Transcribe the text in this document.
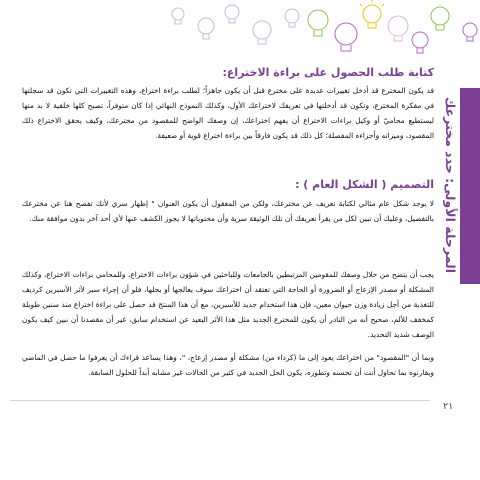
المرحلة الأولى: حدد مخترعك
كتابة طلب الحصول على براءة الاختراع:

قد يكون المخترع قد أدخل تغييرات عديدة على مخترع قبل أن يكون جاهزاً؛ لطلب براءة اختراع، وهذه التغييرات التي تكون قد سجلتها في مفكرة المخترع، وتكون قد أدخلتها في تعريفك لاختراعك الأول، وكذلك النموذج النهائي إذا كان متوفراً، تصبح كلها خلفية لا بد منها ليستطيع محاميّ أو وكيل براءات الاختراع أن يفهم اختراعك، إن وصفك الواضح للمقصود من مخترعك، وكيف يحقق الاختراع ذلك المقصود، وميزاته وأجزاءه المفصلة؛ كل ذلك قد يكون فارقاً بين براءة اختراع قوية أو ضعيفة.

التصميم ( الشكل العام ) :

لا يوجد شكل عام مثالي لكتابة تعريف عن مخترعك، ولكن من المعقول أن يكون العنوان " إظهار سري لأنك تفصح هنا عن مخترعك بالتفصيل، وعليك أن تبين لكل من يقرأ تعريفك أن تلك الوثيقة سرية وأن محتوياتها لا يجوز الكشف عنها لأي أحد آخر بدون موافقة منك.

يجب أن يتضح من خلال وصفك للمقومين المرتبطين بالجامعات وللباحثين في شؤون براءات الاختراع، وللمحامي براءات الاختراع، وكذلك المشكلة أو مصدر الإزعاج أو الضرورة أو الحاجة التي تعتقد أن اختراعك سوف يعالجها أو يحلها، فلو أن إجراء سبر لأثر الأسبرين كرديف للتغذية من أجل زيادة وزن حيوان معين، فإن هذا استخدام جديد للأسبرين، مع أن هذا المنتج قد حصل على براءة اختراع منذ سنين طويلة كمخفف للألم، صحيح أنه من النادر أن يكون للمخترع الجديد مثل هذا الأثر البعيد عن استخدام سابق، غير أن مقصدنا أن نبين كيف يكون الوصف شديد التحديد.

وبما أن "المقصود" من اختراعك يعود إلى ما (كرداء من) مشكلة أو مصدر إزعاج، "، وهذا يساعد قراءك أن يعرفوا ما حصل في الماضي ويقارنوه بما تحاول أنت أن تحسنه وتطوره، يكون الحل الجديد في كثير من الحالات غير مشابه أبداً للحلول السابقة.

٢١
